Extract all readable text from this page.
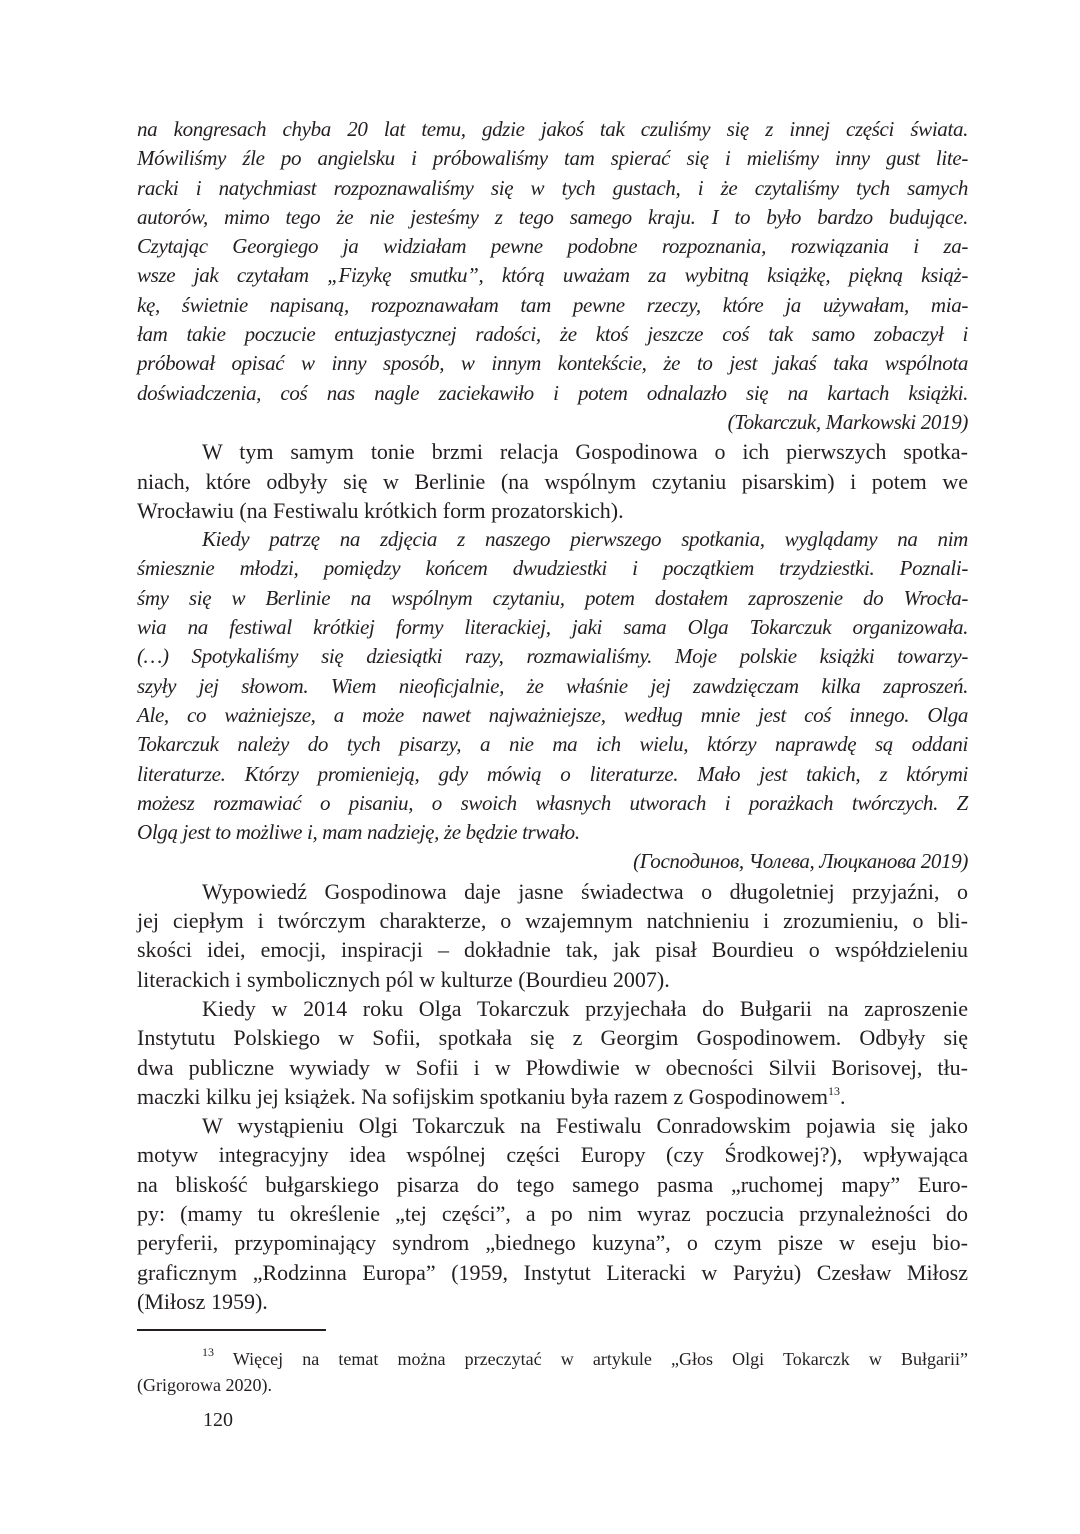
na kongresach chyba 20 lat temu, gdzie jakoś tak czuliśmy się z innej części świata.
Mówiliśmy źle po angielsku i próbowaliśmy tam spierać się i mieliśmy inny gust lite-
racki i natychmiast rozpoznawaliśmy się w tych gustach, i że czytaliśmy tych samych
autorów, mimo tego że nie jesteśmy z tego samego kraju. I to było bardzo budujące.
Czytając Georgiego ja widziałam pewne podobne rozpoznania, rozwiązania i za-
wsze jak czytałam „Fizykę smutku”, którą uważam za wybitną książkę, piękną książ-
kę, świetnie napisaną, rozpoznawałam tam pewne rzeczy, które ja używałam, mia-
łam takie poczucie entuzjastycznej radości, że ktoś jeszcze coś tak samo zobaczył i
próbował opisać w inny sposób, w innym kontekście, że to jest jakaś taka wspólnota
doświadczenia, coś nas nagle zaciekawiło i potem odnalazło się na kartach książki.
(Tokarczuk, Markowski 2019)
W tym samym tonie brzmi relacja Gospodinowa o ich pierwszych spotka-
niach, które odbyły się w Berlinie (na wspólnym czytaniu pisarskim) i potem we
Wrocławiu (na Festiwalu krótkich form prozatorskich).
Kiedy patrzę na zdjęcia z naszego pierwszego spotkania, wyglądamy na nim
śmiesznie młodzi, pomiędzy końcem dwudziestki i początkiem trzydziestki. Poznali-
śmy się w Berlinie na wspólnym czytaniu, potem dostałem zaproszenie do Wrocła-
wia na festiwal krótkiej formy literackiej, jaki sama Olga Tokarczuk organizowała.
(…) Spotykaliśmy się dziesiątki razy, rozmawialiśmy. Moje polskie książki towarzy-
szyły jej słowom. Wiem nieoficjalnie, że właśnie jej zawdzięczam kilka zaproszeń.
Ale, co ważniejsze, a może nawet najważniejsze, według mnie jest coś innego. Olga
Tokarczuk należy do tych pisarzy, a nie ma ich wielu, którzy naprawdę są oddani
literaturze. Którzy promienieją, gdy mówią o literaturze. Mało jest takich, z którymi
możesz rozmawiać o pisaniu, o swoich własnych utworach i porażkach twórczych. Z
Olgą jest to możliwe i, mam nadzieję, że będzie trwało.
(Господинов, Чолева, Люцканова 2019)
Wypowiedź Gospodinowa daje jasne świadectwa o długoletniej przyjaźni, o
jej ciepłym i twórczym charakterze, o wzajemnym natchnieniu i zrozumieniu, o bli-
skości idei, emocji, inspiracji – dokładnie tak, jak pisał Bourdieu o współdzieleniu
literackich i symbolicznych pól w kulturze (Bourdieu 2007).
Kiedy w 2014 roku Olga Tokarczuk przyjechała do Bułgarii na zaproszenie
Instytutu Polskiego w Sofii, spotkała się z Georgim Gospodinowem. Odbyły się
dwa publiczne wywiady w Sofii i w Płowdiwie w obecności Silvii Borisovej, tłu-
maczki kilku jej książek. Na sofijskim spotkaniu była razem z Gospodinowem$^{13}$.
W wystąpieniu Olgi Tokarczuk na Festiwalu Conradowskim pojawia się jako
motyw integracyjny idea wspólnej części Europy (czy Środkowej?), wpływająca
na bliskość bułgarskiego pisarza do tego samego pasma „ruchomej mapy” Euro-
py: (mamy tu określenie „tej części”, a po nim wyraz poczucia przynależności do
peryferii, przypominający syndrom „biednego kuzyna”, o czym pisze w eseju bio-
graficznym „Rodzinna Europa” (1959, Instytut Literacki w Paryżu) Czesław Miłosz
(Miłosz 1959).
$^{13}$ Więcej na temat można przeczytać w artykule „Głos Olgi Tokarczk w Bułgarii”
(Grigorowa 2020).
120
